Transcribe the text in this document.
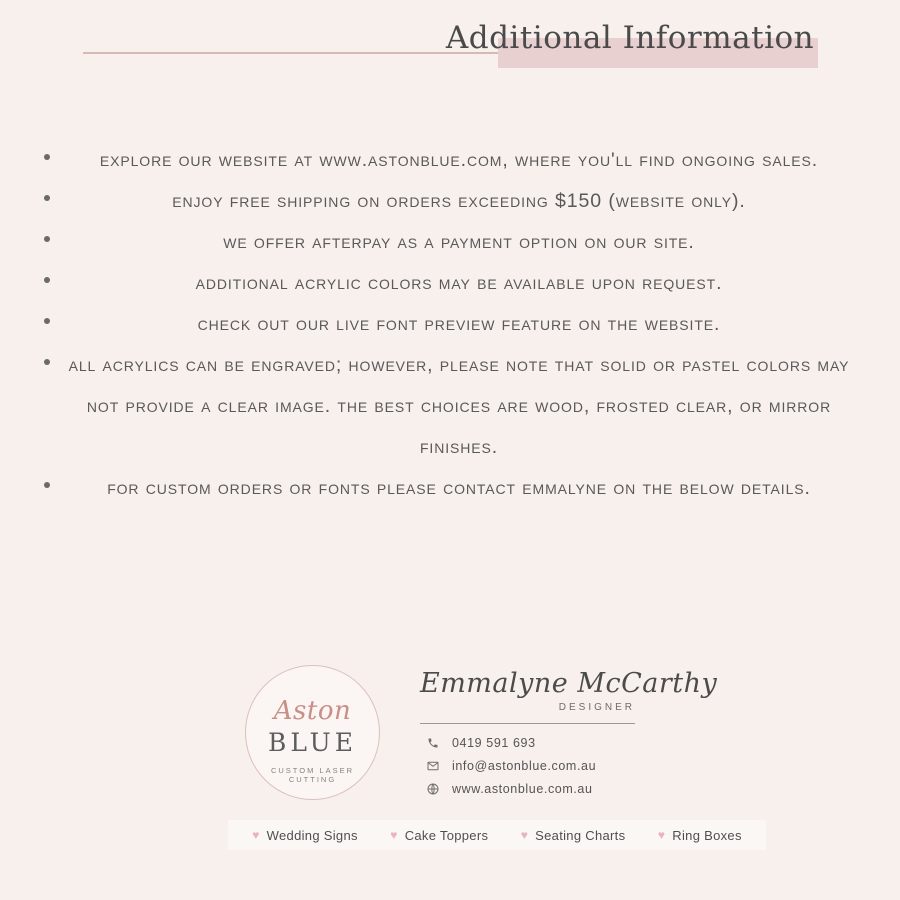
Additional Information
explore our website at www.astonblue.com, where you'll find ongoing sales.
enjoy free shipping on orders exceeding $150 (website only).
we offer afterpay as a payment option on our site.
additional acrylic colors may be available upon request.
check out our live font preview feature on the website.
all acrylics can be engraved; however, please note that solid or pastel colors may not provide a clear image. the best choices are wood, frosted clear, or mirror finishes.
for custom orders or fonts please contact emmalyne on the below details.
Aston
BLUE
CUSTOM LASER CUTTING
Emmalyne McCarthy
DESIGNER
0419 591 693
info@astonblue.com.au
www.astonblue.com.au
♥ Wedding Signs	♥ Cake Toppers	♥ Seating Charts	♥ Ring Boxes
